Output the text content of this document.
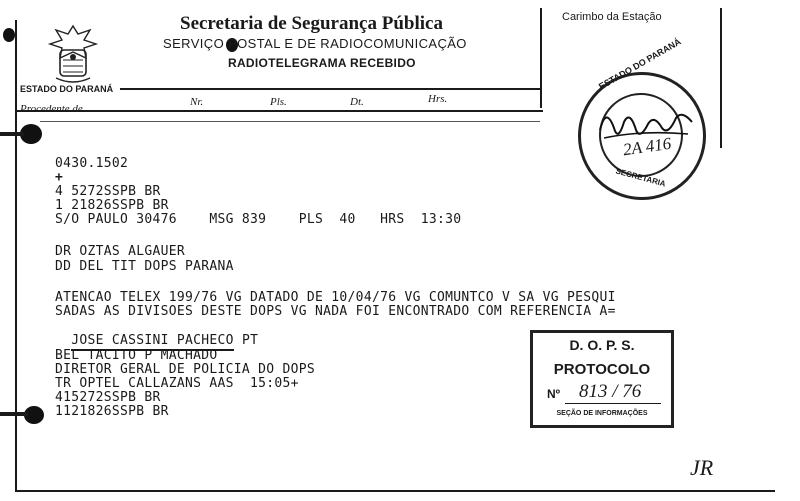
ESTADO DO PARANÁ
Secretaria de Segurança Pública
SERVIÇO POSTAL E DE RADIOCOMUNICAÇÃO
RADIOTELEGRAMA RECEBIDO
Carimbo da Estação
Procedente de
Nr.	Pls.	Dt.	Hrs.
0430.1502
+
4 5272SSPB BR
1 21826SSPB BR
S/O PAULO 30476    MSG 839    PLS  40   HRS  13:30
DR OZTAS ALGAUER
DD DEL TIT DOPS PARANA
ATENCAO TELEX 199/76 VG DATADO DE 10/04/76 VG COMUNTCO V SA VG PESQUI
SADAS AS DIVISOES DESTE DOPS VG NADA FOI ENCONTRADO COM REFERENCIA A=

JOSE CASSINI PACHECO PT

BEL TACITO P MACHADO
DIRETOR GERAL DE POLICIA DO DOPS
TR OPTEL CALLAZANS AAS  15:05+
415272SSPB BR
1121826SSPB BR
ESTADO DO PARANÁ
SECRETARIA
2A 416
D. O. P. S.
PROTOCOLO
Nº 813 / 76
SEÇÃO DE INFORMAÇÕES
JR
